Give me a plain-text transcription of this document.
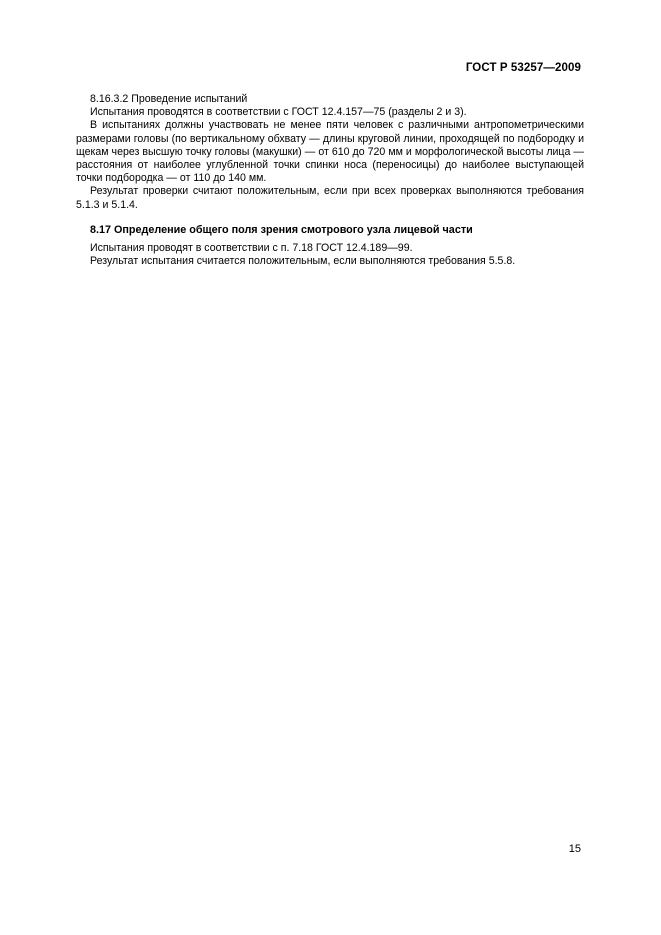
ГОСТ Р 53257—2009

8.16.3.2 Проведение испытаний

Испытания проводятся в соответствии с ГОСТ 12.4.157—75 (разделы 2 и 3).

В испытаниях должны участвовать не менее пяти человек с различными антропометрическими размерами головы (по вертикальному обхвату — длины круговой линии, проходящей по подбородку и щекам через высшую точку головы (макушки) — от 610 до 720 мм и морфологической высоты лица — расстояния от наиболее углубленной точки спинки носа (переносицы) до наиболее выступающей точки подбородка — от 110 до 140 мм.

Результат проверки считают положительным, если при всех проверках выполняются требования 5.1.3 и 5.1.4.

8.17 Определение общего поля зрения смотрового узла лицевой части

Испытания проводят в соответствии с п. 7.18 ГОСТ 12.4.189—99.

Результат испытания считается положительным, если выполняются требования 5.5.8.

15
